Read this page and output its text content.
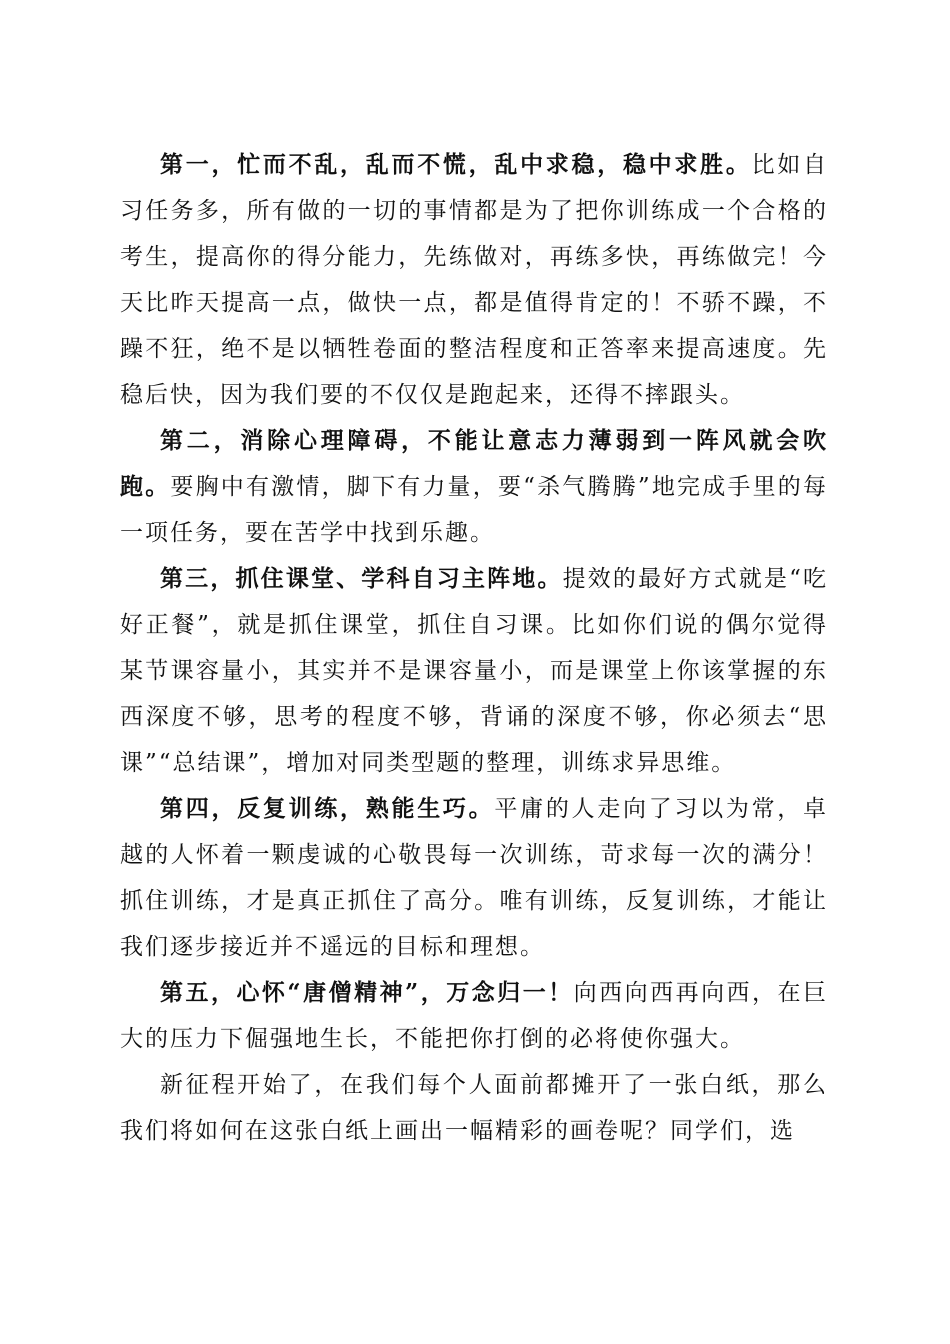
第一，忙而不乱，乱而不慌，乱中求稳，稳中求胜。比如自习任务多，所有做的一切的事情都是为了把你训练成一个合格的考生，提高你的得分能力，先练做对，再练多快，再练做完！今天比昨天提高一点，做快一点，都是值得肯定的！不骄不躁，不躁不狂，绝不是以牺牲卷面的整洁程度和正答率来提高速度。先稳后快，因为我们要的不仅仅是跑起来，还得不摔跟头。

第二，消除心理障碍，不能让意志力薄弱到一阵风就会吹跑。要胸中有激情，脚下有力量，要“杀气腾腾”地完成手里的每一项任务，要在苦学中找到乐趣。

第三，抓住课堂、学科自习主阵地。提效的最好方式就是“吃好正餐”，就是抓住课堂，抓住自习课。比如你们说的偶尔觉得某节课容量小，其实并不是课容量小，而是课堂上你该掌握的东西深度不够，思考的程度不够，背诵的深度不够，你必须去“思课”“总结课”，增加对同类型题的整理，训练求异思维。

第四，反复训练，熟能生巧。平庸的人走向了习以为常，卓越的人怀着一颗虔诚的心敬畏每一次训练，苛求每一次的满分！抓住训练，才是真正抓住了高分。唯有训练，反复训练，才能让我们逐步接近并不遥远的目标和理想。

第五，心怀“唐僧精神”，万念归一！向西向西再向西，在巨大的压力下倔强地生长，不能把你打倒的必将使你强大。

新征程开始了，在我们每个人面前都摊开了一张白纸，那么我们将如何在这张白纸上画出一幅精彩的画卷呢？同学们，选
